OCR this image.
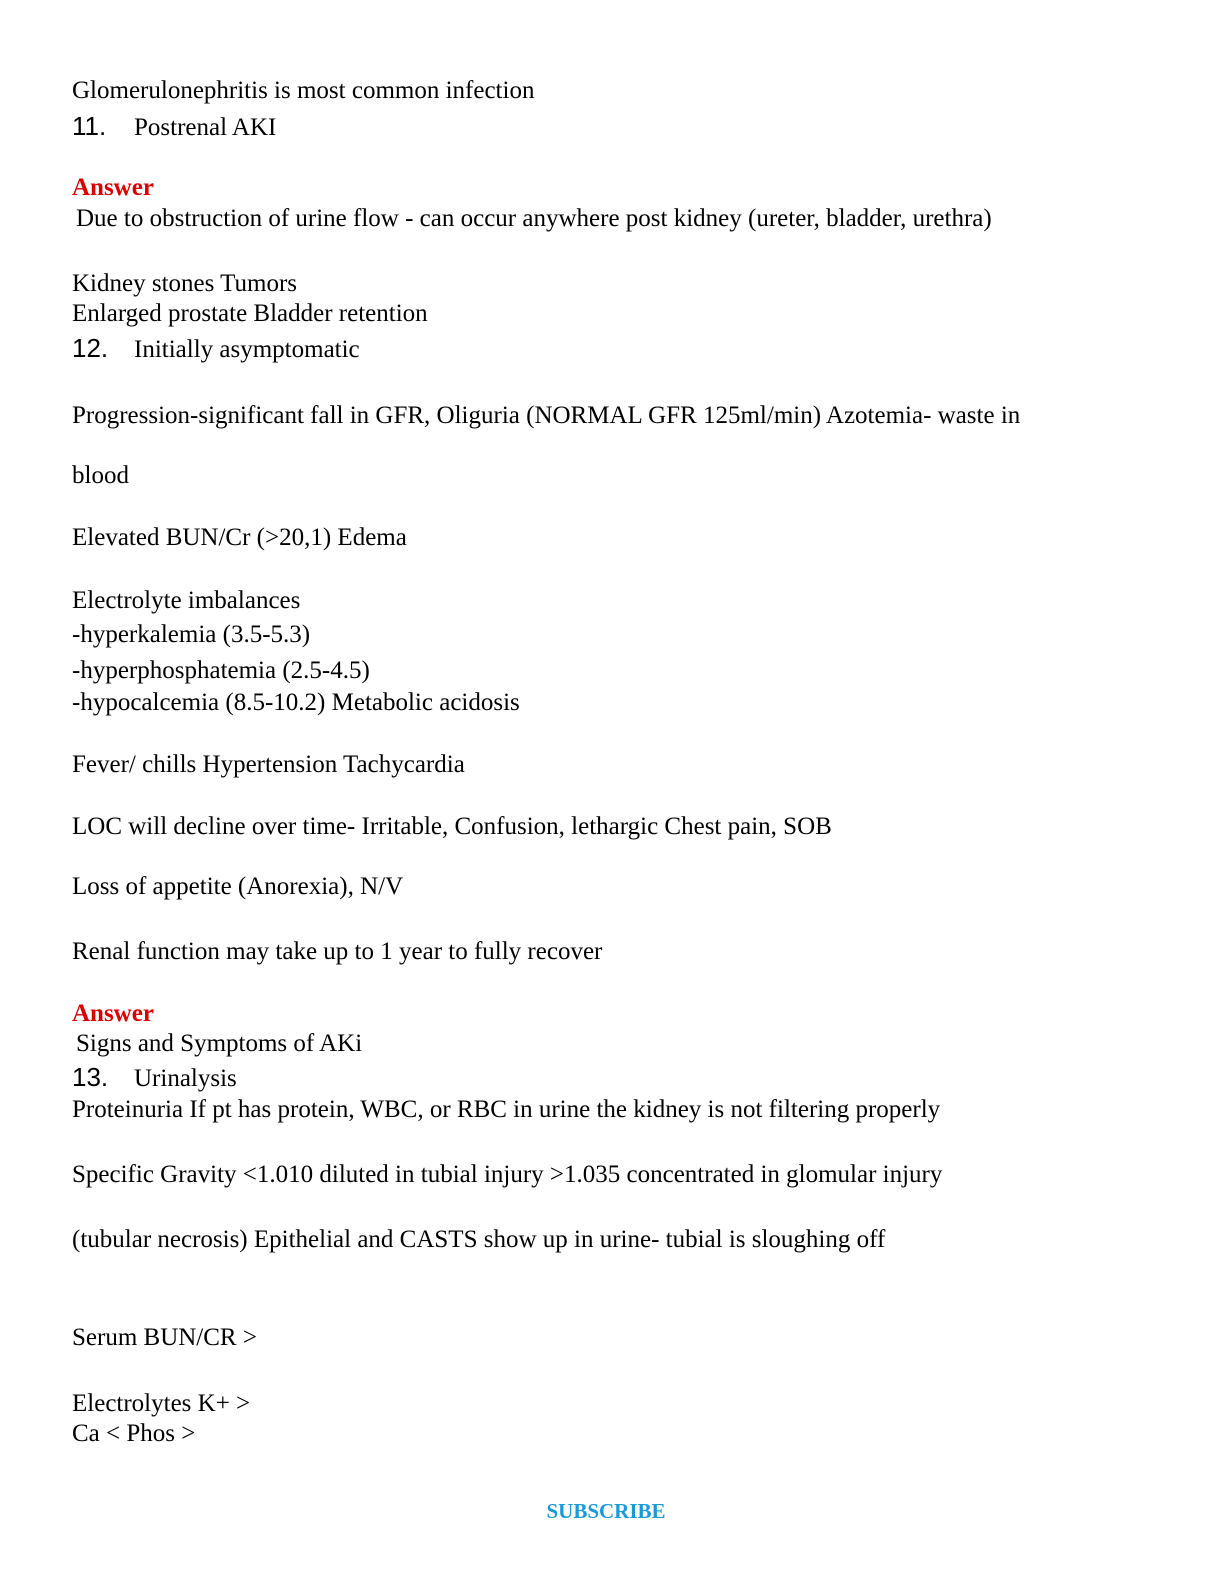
Glomerulonephritis is most common infection
11. Postrenal AKI
Answer
Due to obstruction of urine flow - can occur anywhere post kidney (ureter, bladder, urethra)
Kidney stones Tumors
Enlarged prostate Bladder retention
12. Initially asymptomatic
Progression-significant fall in GFR, Oliguria (NORMAL GFR 125ml/min) Azotemia- waste in
blood
Elevated BUN/Cr (>20,1) Edema
Electrolyte imbalances
-hyperkalemia (3.5-5.3)
-hyperphosphatemia (2.5-4.5)
-hypocalcemia (8.5-10.2) Metabolic acidosis
Fever/ chills Hypertension Tachycardia
LOC will decline over time- Irritable, Confusion, lethargic Chest pain, SOB
Loss of appetite (Anorexia), N/V
Renal function may take up to 1 year to fully recover
Answer
Signs and Symptoms of AKi
13. Urinalysis
Proteinuria If pt has protein, WBC, or RBC in urine the kidney is not filtering properly
Specific Gravity <1.010 diluted in tubial injury >1.035 concentrated in glomular injury
(tubular necrosis) Epithelial and CASTS show up in urine- tubial is sloughing off
Serum BUN/CR >
Electrolytes K+ >
Ca < Phos >
SUBSCRIBE
